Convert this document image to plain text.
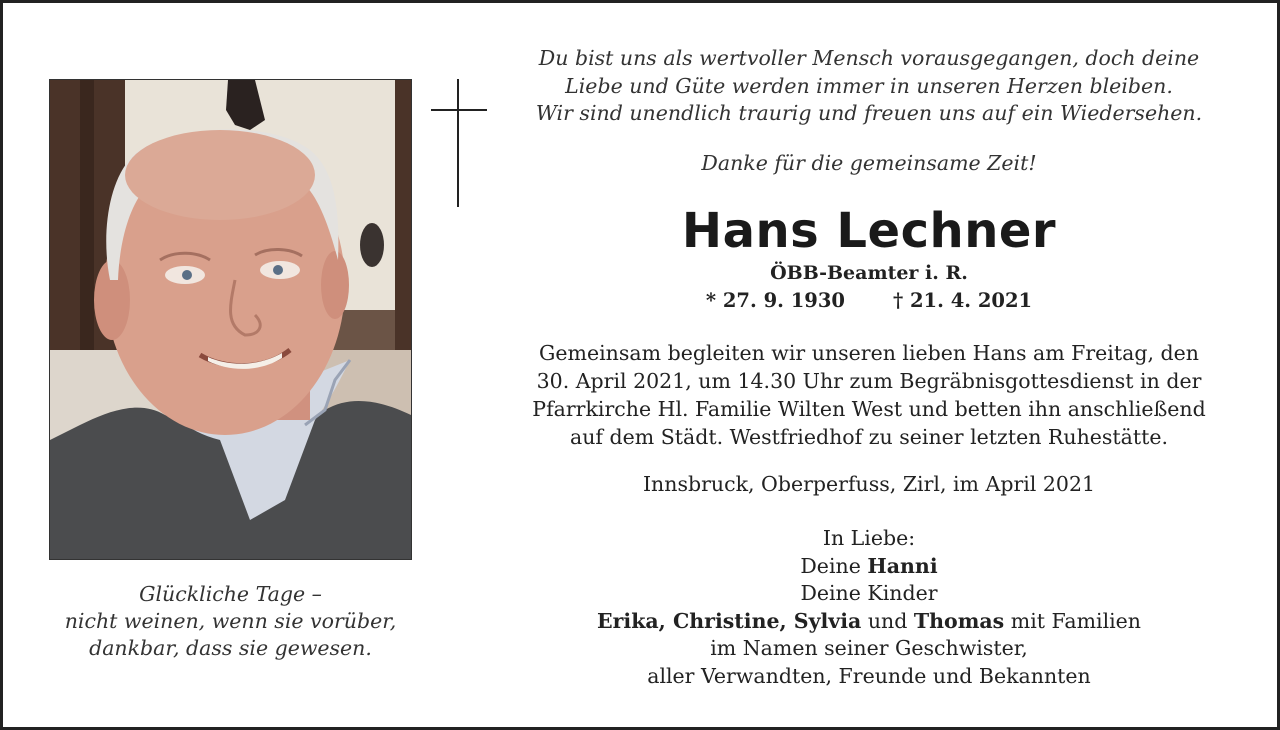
Glückliche Tage –
nicht weinen, wenn sie vorüber,
dankbar, dass sie gewesen.
Du bist uns als wertvoller Mensch vorausgegangen, doch deine
Liebe und Güte werden immer in unseren Herzen bleiben.
Wir sind unendlich traurig und freuen uns auf ein Wiedersehen.
Danke für die gemeinsame Zeit!
Hans Lechner
ÖBB-Beamter i. R.
* 27. 9. 1930 † 21. 4. 2021
Gemeinsam begleiten wir unseren lieben Hans am Freitag, den
30. April 2021, um 14.30 Uhr zum Begräbnisgottesdienst in der
Pfarrkirche Hl. Familie Wilten West und betten ihn anschließend
auf dem Städt. Westfriedhof zu seiner letzten Ruhestätte.
Innsbruck, Oberperfuss, Zirl, im April 2021
In Liebe:
Deine Hanni
Deine Kinder
Erika, Christine, Sylvia und Thomas mit Familien
im Namen seiner Geschwister,
aller Verwandten, Freunde und Bekannten
